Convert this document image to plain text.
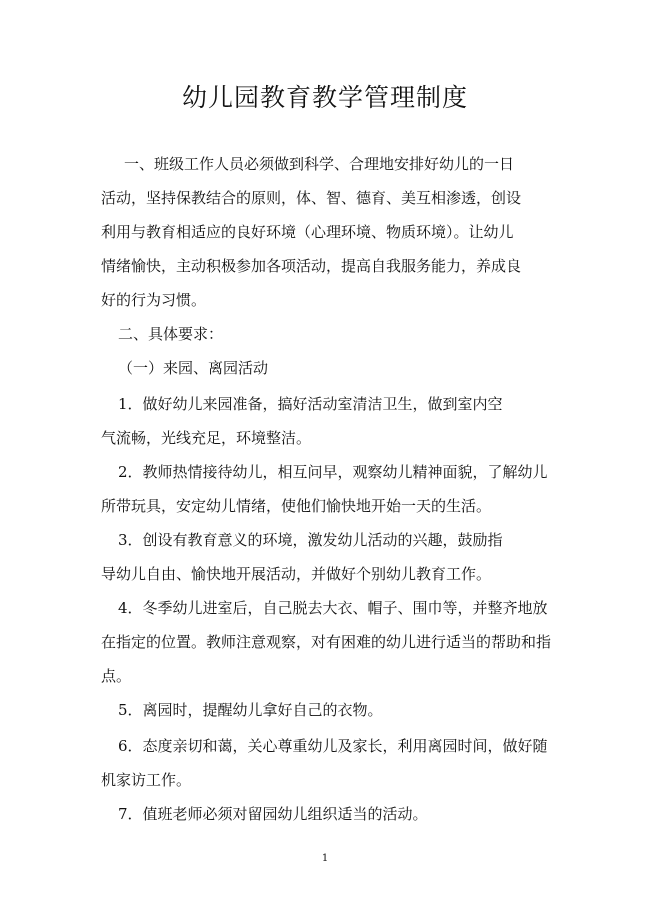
幼儿园教育教学管理制度

一、班级工作人员必须做到科学、合理地安排好幼儿的一日

活动，坚持保教结合的原则，体、智、德育、美互相渗透，创设

利用与教育相适应的良好环境（心理环境、物质环境）。让幼儿

情绪愉快，主动积极参加各项活动，提高自我服务能力，养成良

好的行为习惯。

二、具体要求：

（一）来园、离园活动

1．做好幼儿来园准备，搞好活动室清洁卫生，做到室内空

气流畅，光线充足，环境整洁。

2．教师热情接待幼儿，相互问早，观察幼儿精神面貌，了解幼儿

所带玩具，安定幼儿情绪，使他们愉快地开始一天的生活。

3．创设有教育意义的环境，激发幼儿活动的兴趣，鼓励指

导幼儿自由、愉快地开展活动，并做好个别幼儿教育工作。

4．冬季幼儿进室后，自己脱去大衣、帽子、围巾等，并整齐地放

在指定的位置。教师注意观察，对有困难的幼儿进行适当的帮助和指

点。

5．离园时，提醒幼儿拿好自己的衣物。

6．态度亲切和蔼，关心尊重幼儿及家长，利用离园时间，做好随

机家访工作。

7．值班老师必须对留园幼儿组织适当的活动。

1
